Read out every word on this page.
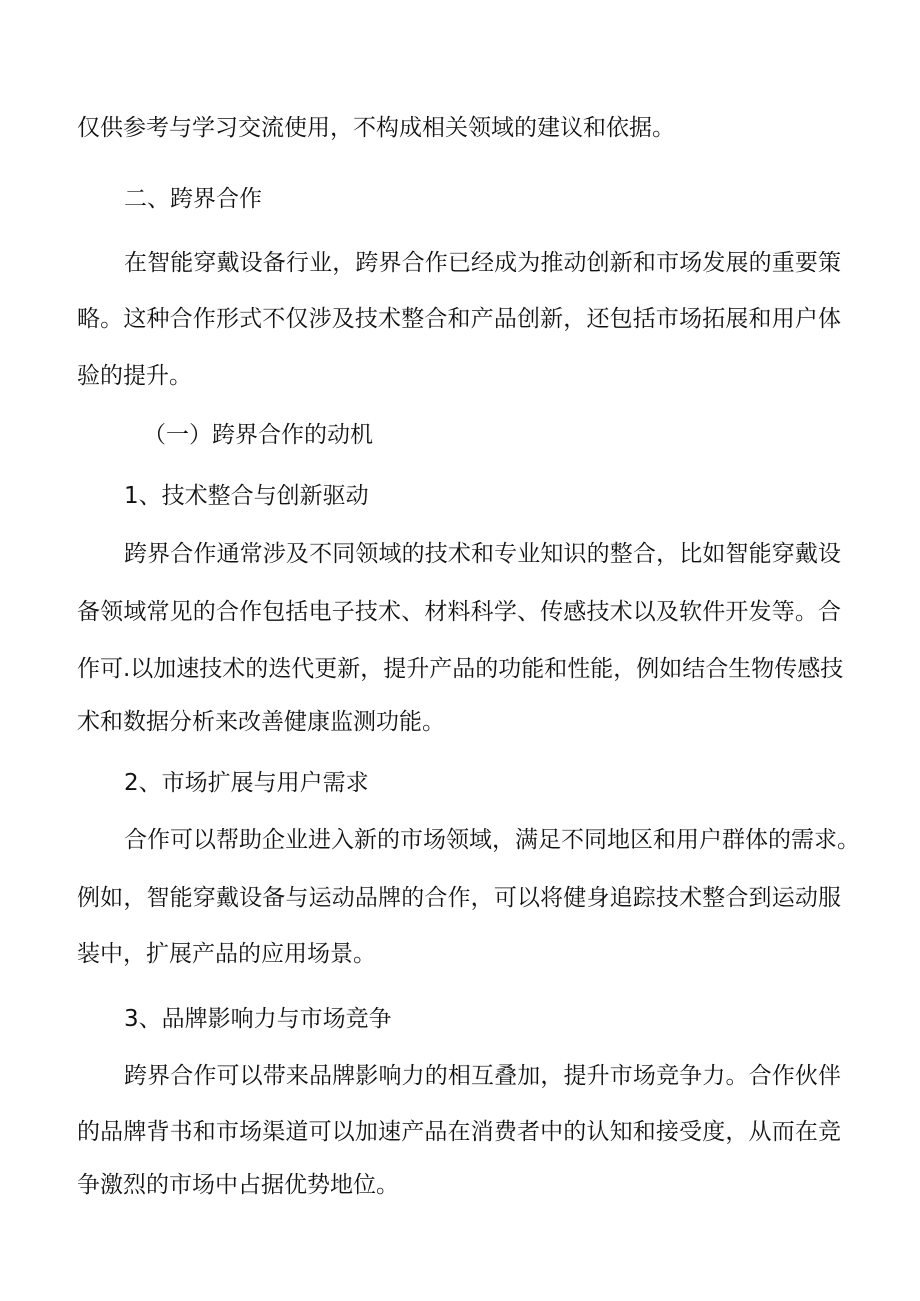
仅供参考与学习交流使用，不构成相关领域的建议和依据。

二、跨界合作

在智能穿戴设备行业，跨界合作已经成为推动创新和市场发展的重要策

略。这种合作形式不仅涉及技术整合和产品创新，还包括市场拓展和用户体

验的提升。

（一）跨界合作的动机

1、技术整合与创新驱动

跨界合作通常涉及不同领域的技术和专业知识的整合，比如智能穿戴设

备领域常见的合作包括电子技术、材料科学、传感技术以及软件开发等。合

作可.以加速技术的迭代更新，提升产品的功能和性能，例如结合生物传感技

术和数据分析来改善健康监测功能。

2、市场扩展与用户需求

合作可以帮助企业进入新的市场领域，满足不同地区和用户群体的需求。

例如，智能穿戴设备与运动品牌的合作，可以将健身追踪技术整合到运动服

装中，扩展产品的应用场景。

3、品牌影响力与市场竞争

跨界合作可以带来品牌影响力的相互叠加，提升市场竞争力。合作伙伴

的品牌背书和市场渠道可以加速产品在消费者中的认知和接受度，从而在竞

争激烈的市场中占据优势地位。
